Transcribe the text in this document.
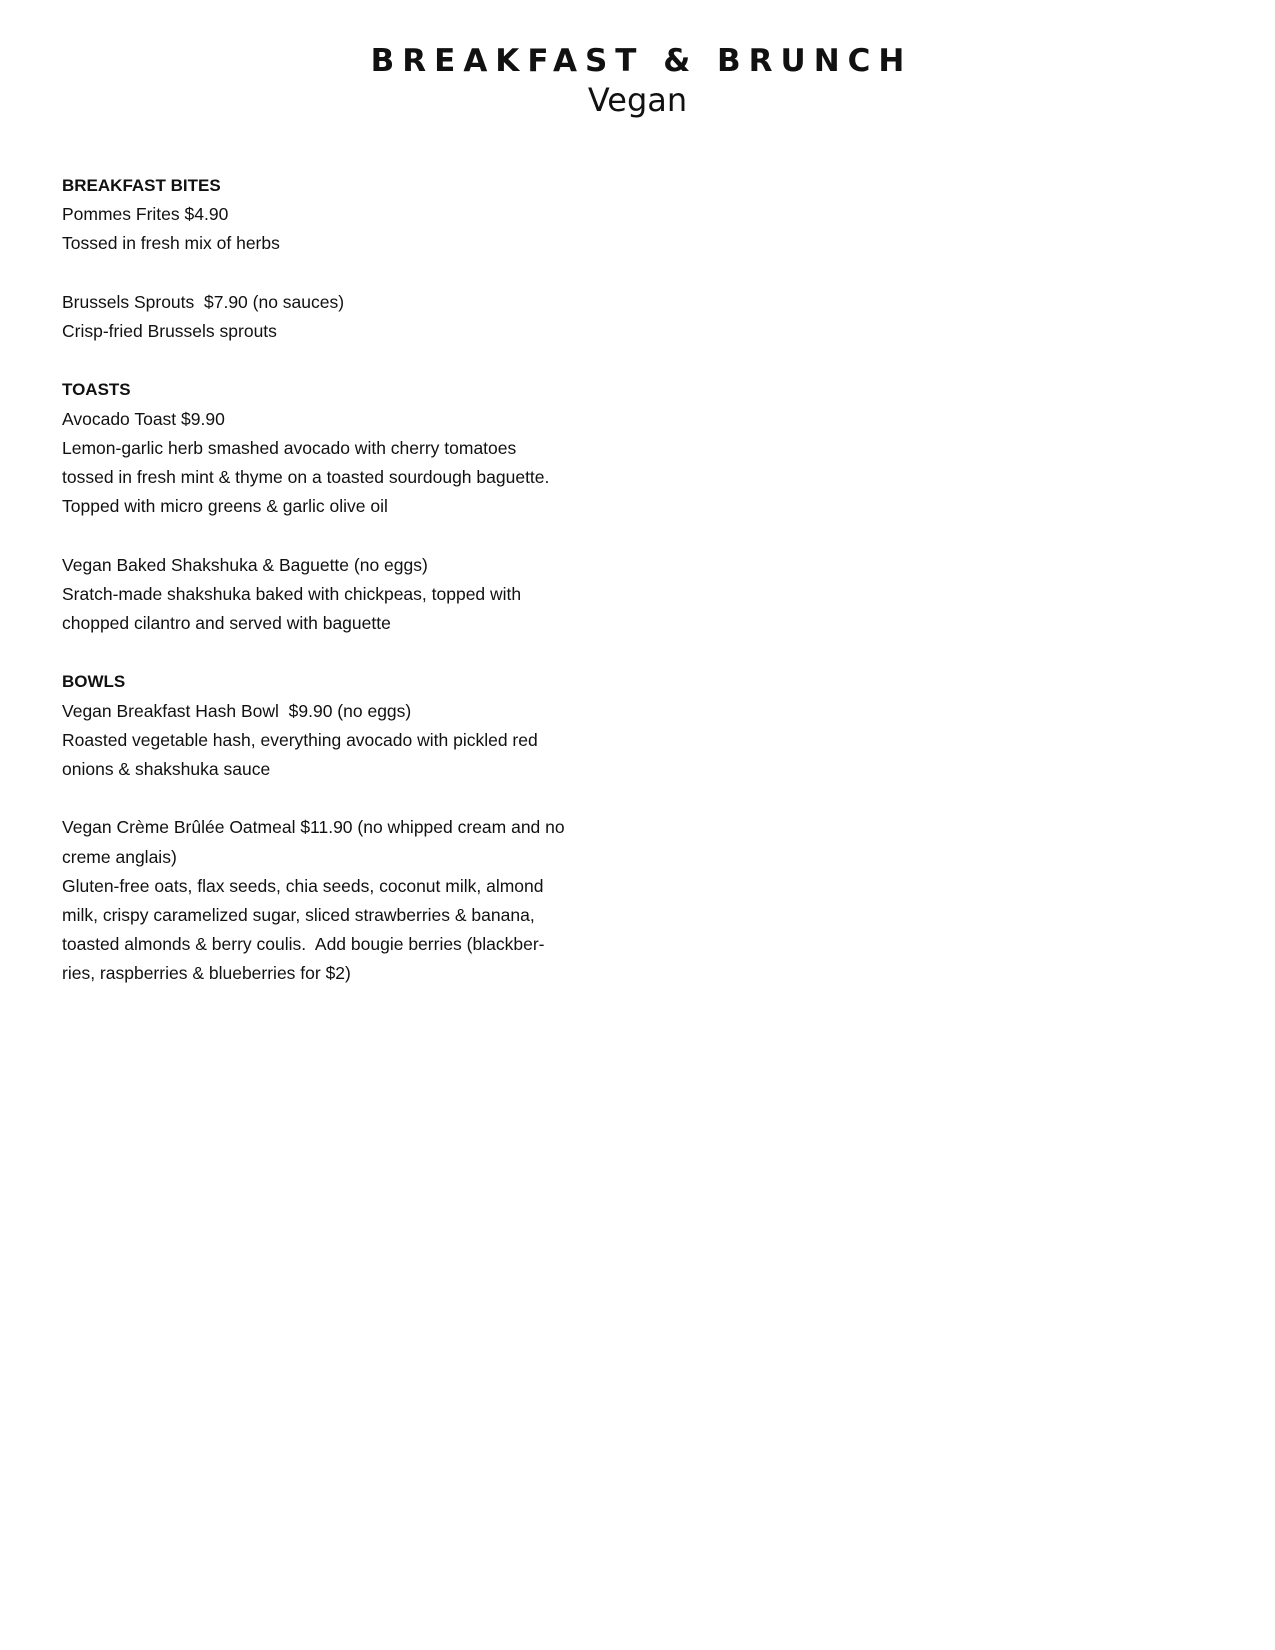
BREAKFAST & BRUNCH
Vegan

BREAKFAST BITES

Pommes Frites $4.90

Tossed in fresh mix of herbs

Brussels Sprouts  $7.90 (no sauces)

Crisp-fried Brussels sprouts

TOASTS

Avocado Toast $9.90

Lemon-garlic herb smashed avocado with cherry tomatoes

tossed in fresh mint & thyme on a toasted sourdough baguette.

Topped with micro greens & garlic olive oil

Vegan Baked Shakshuka & Baguette (no eggs)

Sratch-made shakshuka baked with chickpeas, topped with

chopped cilantro and served with baguette

BOWLS

Vegan Breakfast Hash Bowl  $9.90 (no eggs)

Roasted vegetable hash, everything avocado with pickled red

onions & shakshuka sauce

Vegan Crème Brûlée Oatmeal $11.90 (no whipped cream and no

creme anglais)

Gluten-free oats, flax seeds, chia seeds, coconut milk, almond

milk, crispy caramelized sugar, sliced strawberries & banana,

toasted almonds & berry coulis.  Add bougie berries (blackber-

ries, raspberries & blueberries for $2)
